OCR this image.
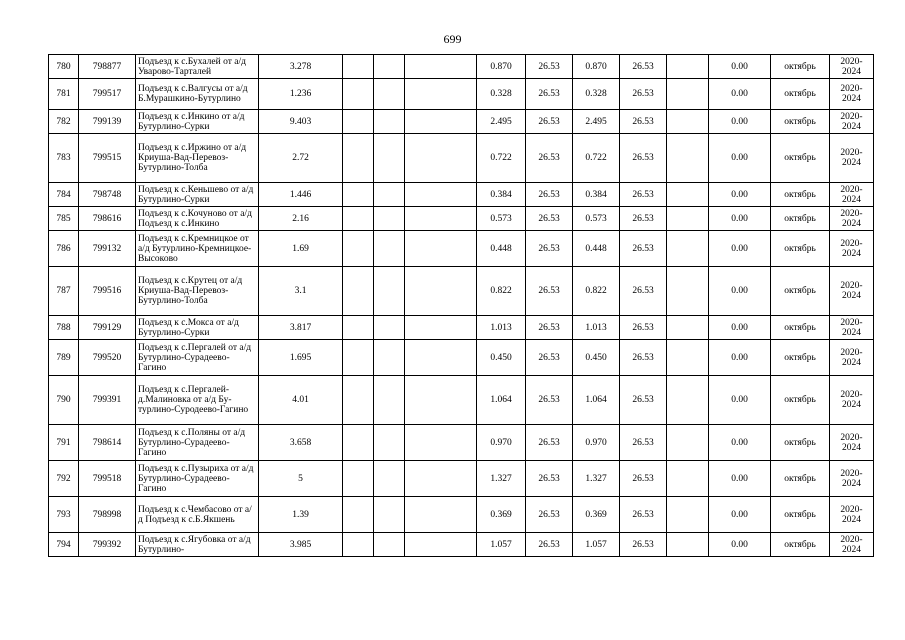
699
780	798877	Подъезд к с.Бухалей от а/д Уварово-Тарталей	3.278				0.870	26.53	0.870	26.53		0.00	октябрь	2020-2024
781	799517	Подъезд к с.Валгусы от а/д Б.Мурашкино-Бутурлино	1.236				0.328	26.53	0.328	26.53		0.00	октябрь	2020-2024
782	799139	Подъезд к с.Инкино от а/д Бутурлино-Сурки	9.403				2.495	26.53	2.495	26.53		0.00	октябрь	2020-2024
783	799515	Подъезд к с.Иржино от а/д Криуша-Вад-Перевоз-Бутурлино-Толба	2.72				0.722	26.53	0.722	26.53		0.00	октябрь	2020-2024
784	798748	Подъезд к с.Кеньшево от а/д Бутурлино-Сурки	1.446				0.384	26.53	0.384	26.53		0.00	октябрь	2020-2024
785	798616	Подъезд к с.Кочуново от а/д Подъезд к с.Инкино	2.16				0.573	26.53	0.573	26.53		0.00	октябрь	2020-2024
786	799132	Подъезд к с.Кремницкое от а/д Бутурлино-Кремницкое-Высоково	1.69				0.448	26.53	0.448	26.53		0.00	октябрь	2020-2024
787	799516	Подъезд к с.Крутец от а/д Криуша-Вад-Перевоз-Бутурлино-Толба	3.1				0.822	26.53	0.822	26.53		0.00	октябрь	2020-2024
788	799129	Подъезд к с.Мокса от а/д Бутурлино-Сурки	3.817				1.013	26.53	1.013	26.53		0.00	октябрь	2020-2024
789	799520	Подъезд к с.Пергалей от а/д Бутурлино-Сурадеево-Гагино	1.695				0.450	26.53	0.450	26.53		0.00	октябрь	2020-2024
790	799391	Подъезд к с.Пергалей-д.Малиновка от а/д Бу-турлино-Суродеево-Гагино	4.01				1.064	26.53	1.064	26.53		0.00	октябрь	2020-2024
791	798614	Подъезд к с.Поляны от а/д Бутурлино-Сурадеево-Гагино	3.658				0.970	26.53	0.970	26.53		0.00	октябрь	2020-2024
792	799518	Подъезд к с.Пузыриха от а/д Бутурлино-Сурадеево-Гагино	5				1.327	26.53	1.327	26.53		0.00	октябрь	2020-2024
793	798998	Подъезд к с.Чембасово от а/д Подъезд к с.Б.Якшень	1.39				0.369	26.53	0.369	26.53		0.00	октябрь	2020-2024
794	799392	Подъезд к с.Ягубовка от а/д Бутурлино-	3.985				1.057	26.53	1.057	26.53		0.00	октябрь	2020-2024
